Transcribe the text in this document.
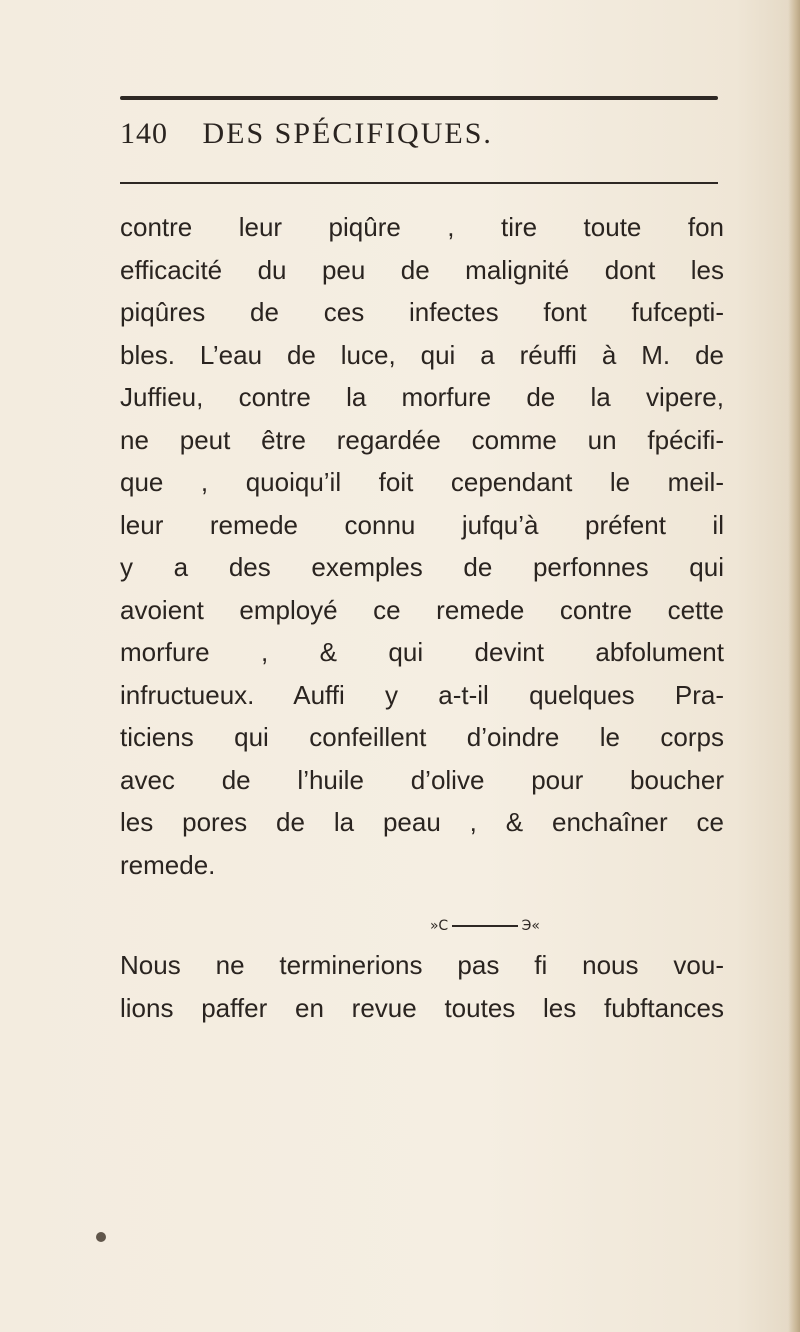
140 DES SPÉCIFIQUES.
contre leur piqûre , tire toute fon
efficacité du peu de malignité dont les
piqûres de ces infectes font fufcepti-
bles. L’eau de luce, qui a réuffi à M. de
Juffieu, contre la morfure de la vipere,
ne peut être regardée comme un fpécifi-
que , quoiqu’il foit cependant le meil-
leur remede connu jufqu’à préfent il
y a des exemples de perfonnes qui
avoient employé ce remede contre cette
morfure , & qui devint abfolument
infructueux. Auffi y a-t-il quelques Pra-
ticiens qui confeillent d’oindre le corps
avec de l’huile d’olive pour boucher
les pores de la peau , & enchaîner ce
remede.
»C	Э«
Nous ne terminerions pas fi nous vou-
lions paffer en revue toutes les fubftances
